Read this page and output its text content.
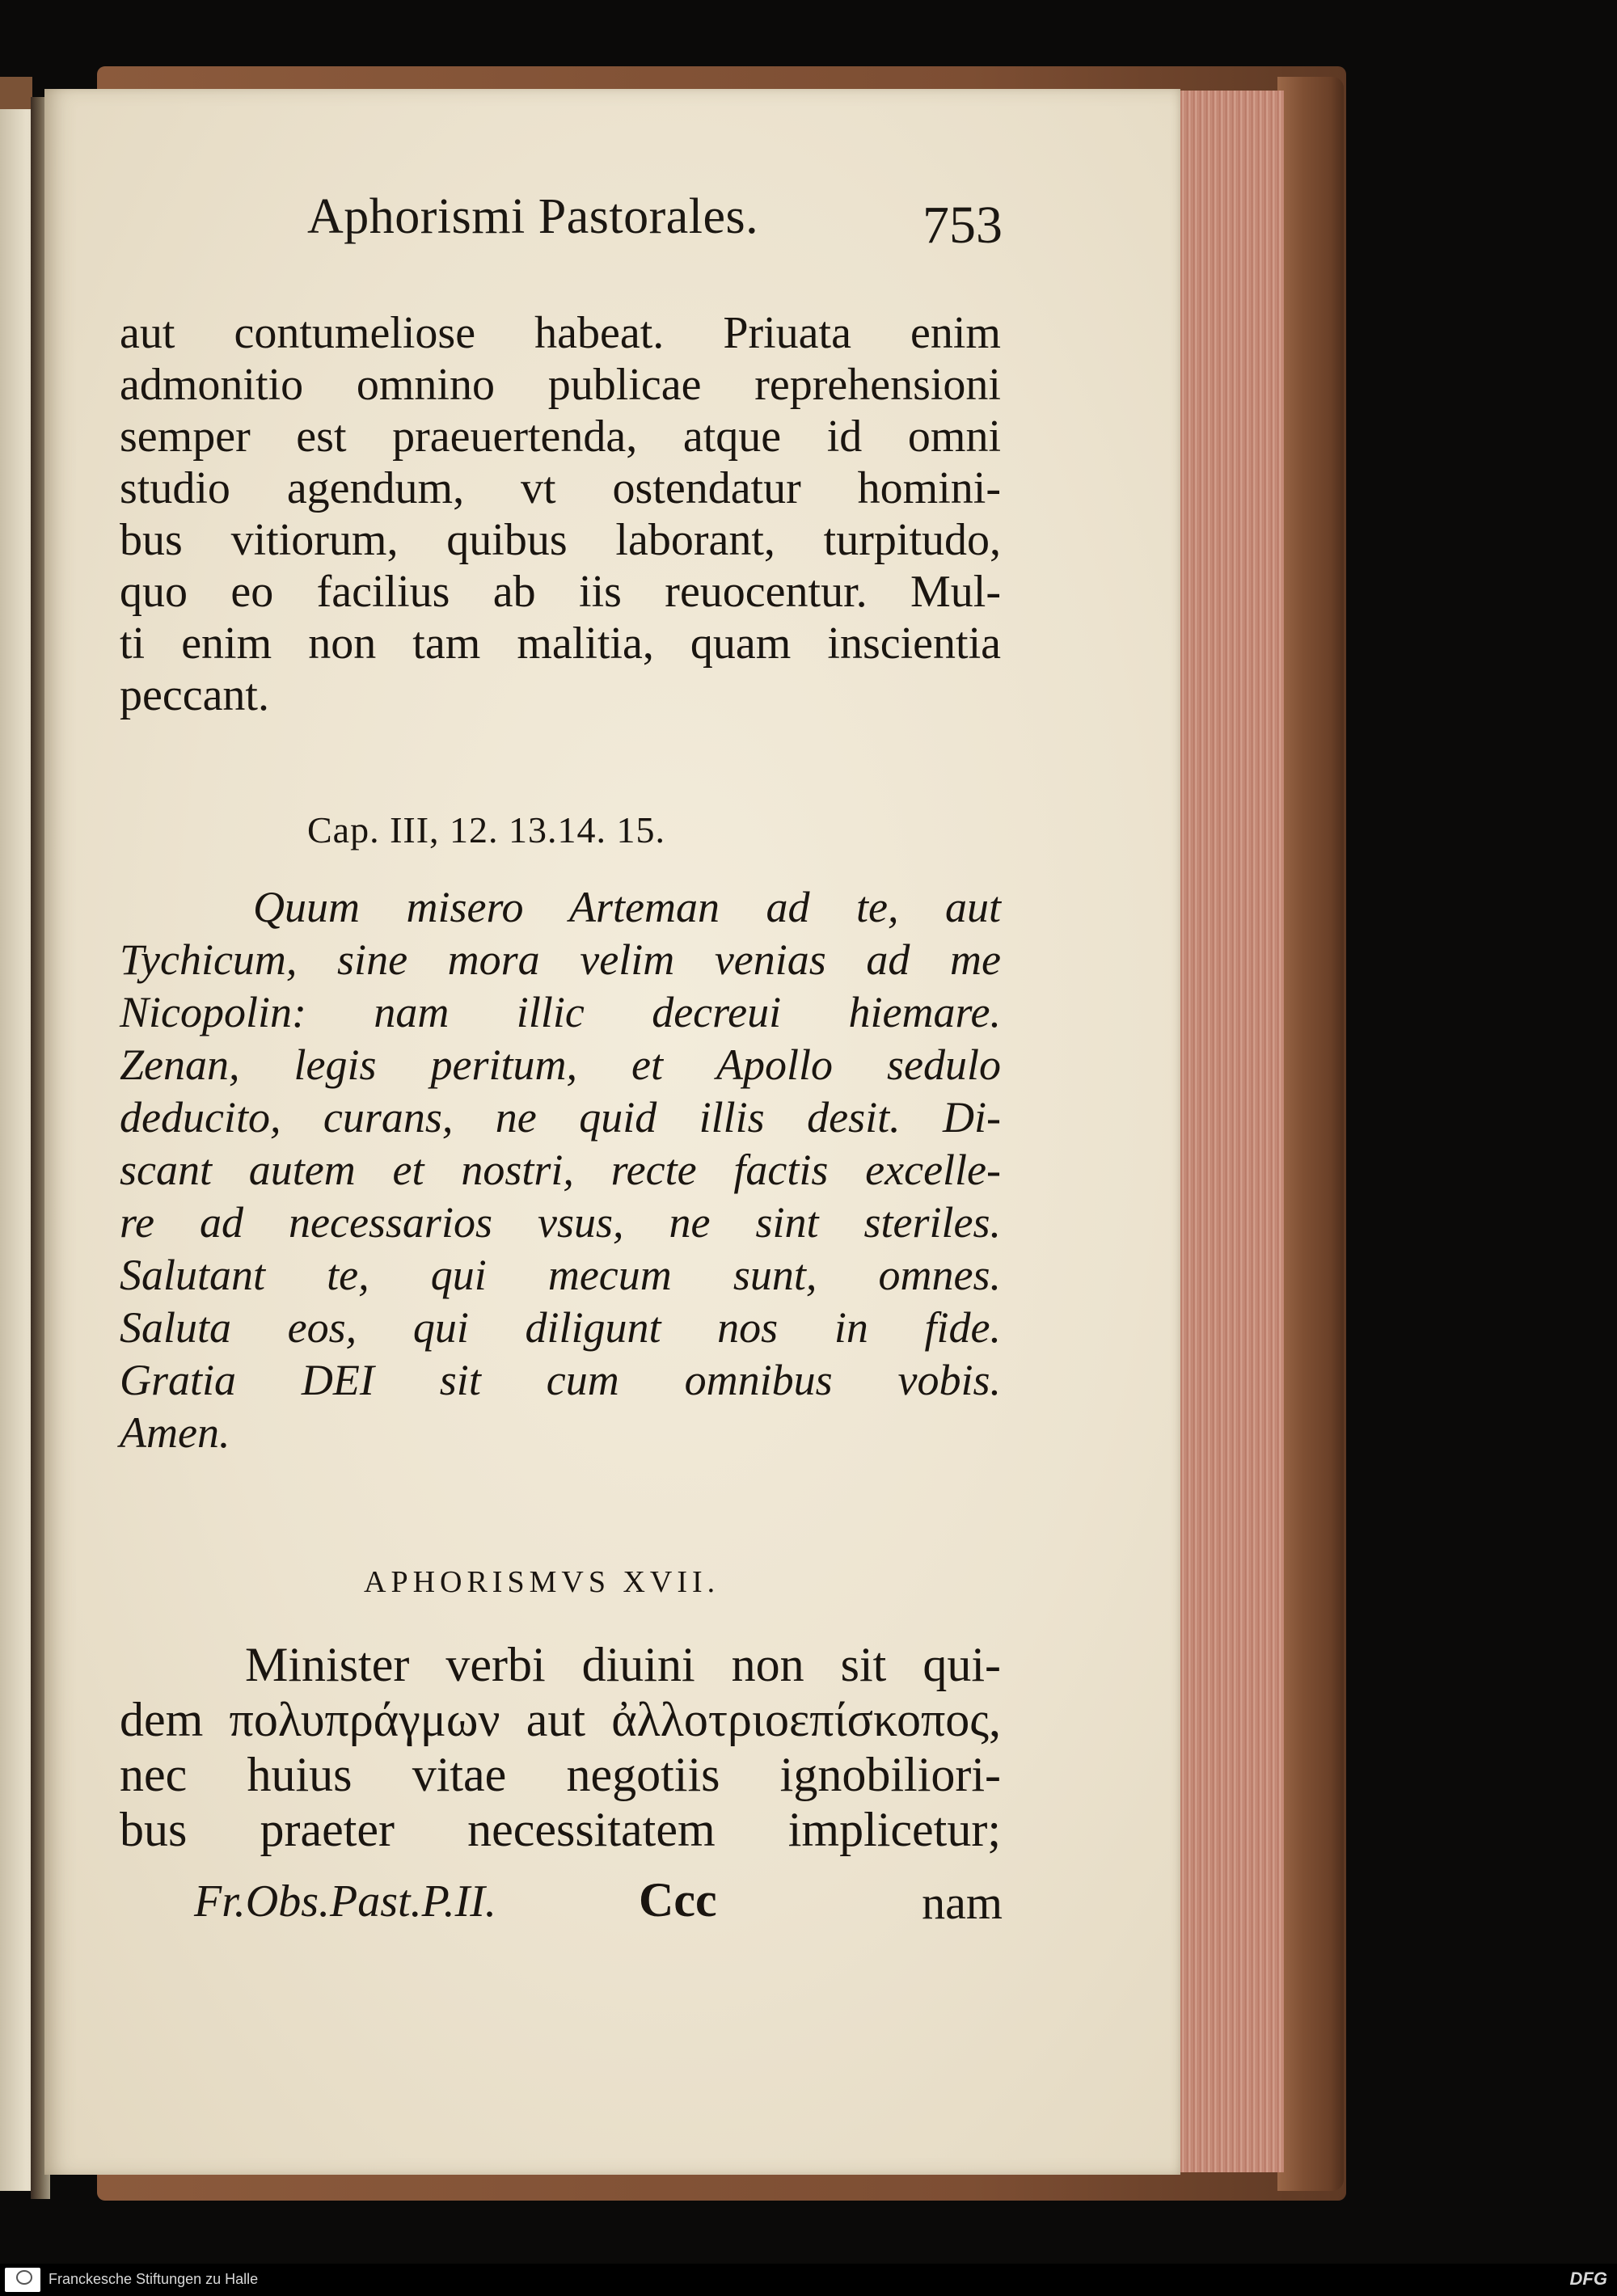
Aphorismi Pastorales.	753
aut contumeliose habeat. Priuata enim
admonitio omnino publicae reprehensioni
semper est praeuertenda, atque id omni
studio agendum, vt ostendatur homini-
bus vitiorum, quibus laborant, turpitudo,
quo eo facilius ab iis reuocentur. Mul-
ti enim non tam malitia, quam inscientia
peccant.
Cap. III, 12. 13.14. 15.
Quum misero Arteman ad te, aut
Tychicum, sine mora velim venias ad me
Nicopolin: nam illic decreui hiemare.
Zenan, legis peritum, et Apollo sedulo
deducito, curans, ne quid illis desit. Di-
scant autem et nostri, recte factis excelle-
re ad necessarios vsus, ne sint steriles.
Salutant te, qui mecum sunt, omnes.
Saluta eos, qui diligunt nos in fide.
Gratia DEI sit cum omnibus vobis.
Amen.
APHORISMVS XVII.
Minister verbi diuini non sit qui-
dem πολυπράγμων aut ἀλλοτριοεπίσκοπος,
nec huius vitae negotiis ignobiliori-
bus praeter necessitatem implicetur;
Fr.Obs.Past.P.II.	Ccc	nam
Franckesche Stiftungen zu Halle	DFG
